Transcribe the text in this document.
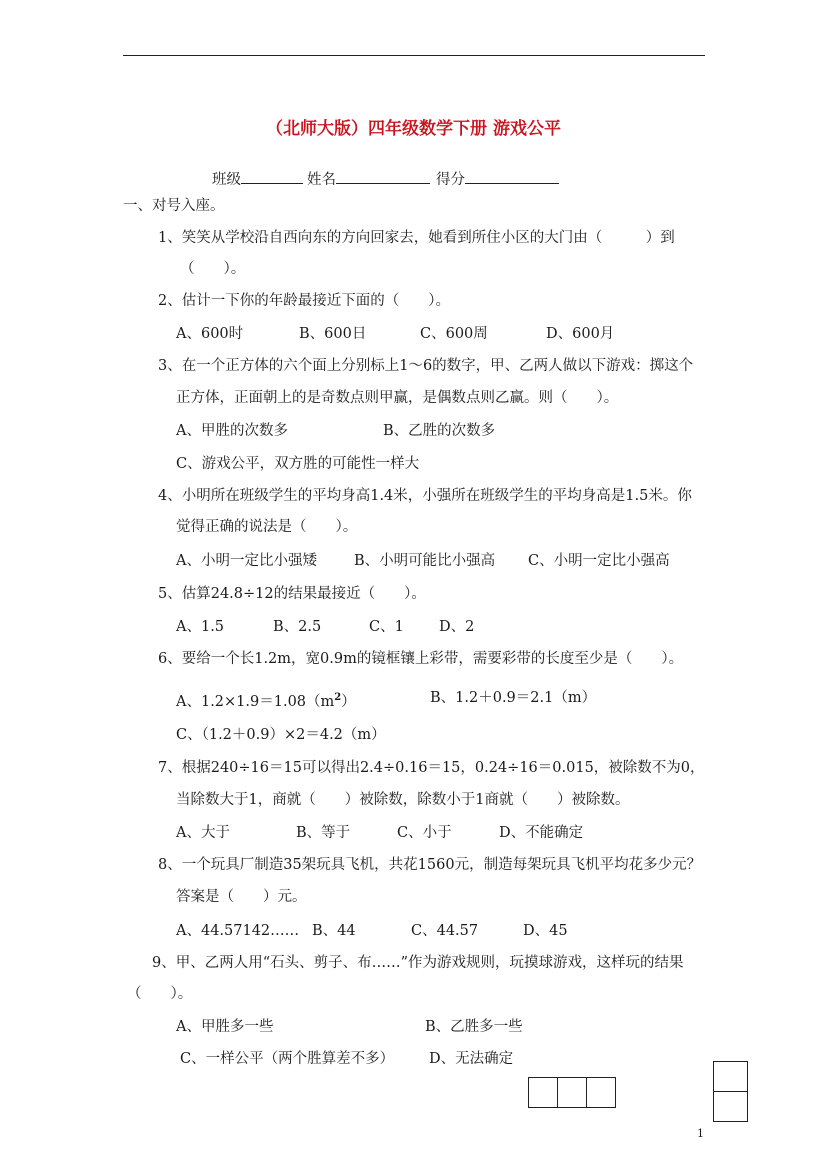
（北师大版）四年级数学下册 游戏公平
班级	姓名	得分
一、对号入座。
1、笑笑从学校沿自西向东的方向回家去，她看到所住小区的大门由（　　　）到
（　　）。
2、估计一下你的年龄最接近下面的（　　）。
A、600时	B、600日	C、600周	D、600月
3、在一个正方体的六个面上分别标上1～6的数字，甲、乙两人做以下游戏：掷这个
正方体，正面朝上的是奇数点则甲赢，是偶数点则乙赢。则（　　）。
A、甲胜的次数多	B、乙胜的次数多
C、游戏公平，双方胜的可能性一样大
4、小明所在班级学生的平均身高1.4米，小强所在班级学生的平均身高是1.5米。你
觉得正确的说法是（　　）。
A、小明一定比小强矮	B、小明可能比小强高 C、小明一定比小强高
5、估算24.8÷12的结果最接近（　　）。
A、1.5	B、2.5	C、1 D、2
6、要给一个长1.2m，宽0.9m的镜框镶上彩带，需要彩带的长度至少是（　　）。
A、$1.2\times 1.9=1.08(m^2)$	B、1.2＋0.9＝2.1（m）
C、（1.2＋0.9）×2＝4.2（m）
7、根据240÷16＝15可以得出2.4÷0.16＝15，0.24÷16＝0.015，被除数不为0，
当除数大于1，商就（　　）被除数，除数小于1商就（　　）被除数。
A、大于	B、等于	C、小于	D、不能确定
8、一个玩具厂制造35架玩具飞机，共花1560元，制造每架玩具飞机平均花多少元？
答案是（　　）元。
A、44.57142…… B、44	C、44.57	D、45
9、甲、乙两人用“石头、剪子、布……”作为游戏规则，玩摸球游戏，这样玩的结果
（　　）。
A、甲胜多一些	B、乙胜多一些
C、一样公平（两个胜算差不多） D、无法确定

1
